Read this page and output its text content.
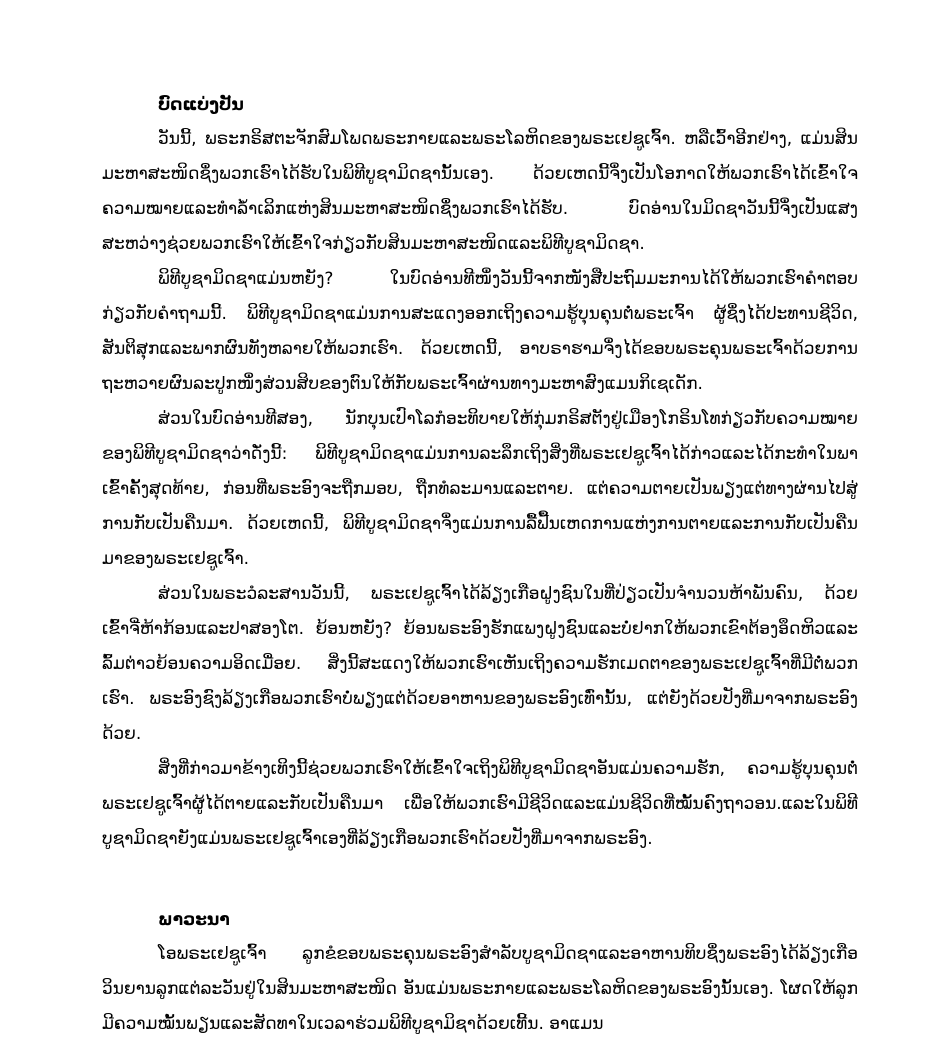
ບົດແບ່ງປັນ

ວັນນີ້, ພຣະກຣິສຕະຈັກສົມໂພດພຣະກາຍແລະພຣະໂລຫິດຂອງພຣະເຢຊູເຈົ້າ. ຫລືເວົ້າອີກຢ່າງ, ແມ່ນສິນມະຫາສະໜິດຊຶ່ງພວກເຮົາໄດ້ຮັບໃນພິທີບູຊາມິດຊານັ້ນເອງ. ດ້ວຍເຫດນີ້ຈຶ່ງເປັນໂອກາດໃຫ້ພວກເຮົາໄດ້ເຂົ້າໃຈຄວາມໝາຍແລະທຳລ້ຳເລິກແຫ່ງສິນມະຫາສະໜິດຊຶ່ງພວກເຮົາໄດ້ຮັບ. ບົດອ່ານໃນມິດຊາວັນນີ້ຈຶ່ງເປັນແສງສະຫວ່າງຊ່ວຍພວກເຮົາໃຫ້ເຂົ້າໃຈກ່ຽວກັບສິນມະຫາສະໜິດແລະພິທີບູຊາມິດຊາ.

ພິທີບູຊາມິດຊາແມ່ນຫຍັງ? ໃນບົດອ່ານທີໜຶ່ງວັນນີ້ຈາກໜັງສືປະຖົມມະການໄດ້ໃຫ້ພວກເຮົາຄຳຕອບກ່ຽວກັບຄຳຖາມນີ້. ພິທີບູຊາມິດຊາແມ່ນການສະແດງອອກເຖິງຄວາມຮູ້ບຸນຄຸນຕໍ່ພຣະເຈົ້າ ຜູ້ຊຶ່ງໄດ້ປະທານຊີວິດ, ສັນຕິສຸກແລະພາກຜົນທັງຫລາຍໃຫ້ພວກເຮົາ. ດ້ວຍເຫດນີ້, ອາບຣາຮາມຈຶ່ງໄດ້ຂອບພຣະຄຸນພຣະເຈົ້າດ້ວຍການຖະຫວາຍຜົນລະປູກໜຶ່ງສ່ວນສິບຂອງຕົນໃຫ້ກັບພຣະເຈົ້າຜ່ານທາງມະຫາສົງແມນກິເຊເດັກ.

ສ່ວນໃນບົດອ່ານທີສອງ, ນັກບຸນເປົາໂລກໍອະທິບາຍໃຫ້ກຸ່ມກຣິສຕັງຢູ່ເມືອງໂກຣິນໂທກ່ຽວກັບຄວາມໝາຍຂອງພິທີບູຊາມິດຊາວ່າດັ່ງນີ້: ພິທີບູຊາມິດຊາແມ່ນການລະລຶກເຖິງສິ່ງທີ່ພຣະເຢຊູເຈົ້າໄດ້ກ່າວແລະໄດ້ກະທຳໃນພາເຂົ້າຄັ້ງສຸດທ້າຍ, ກ່ອນທີ່ພຣະອົງຈະຖືກມອບ, ຖືກທໍລະມານແລະຕາຍ. ແຕ່ຄວາມຕາຍເປັນພຽງແຕ່ທາງຜ່ານໄປສູ່ການກັບເປັນຄືນມາ. ດ້ວຍເຫດນີ້, ພິທີບູຊາມິດຊາຈຶ່ງແມ່ນການລື້ຟື້ນເຫດການແຫ່ງການຕາຍແລະການກັບເປັນຄືນມາຂອງພຣະເຢຊູເຈົ້າ.

ສ່ວນໃນພຣະວໍລະສານວັນນີ້, ພຣະເຢຊູເຈົ້າໄດ້ລ້ຽງເກືອຝູງຊົນໃນທີ່ປ່ຽວເປັນຈຳນວນຫ້າພັນຄົນ, ດ້ວຍເຂົ້າຈີ່ຫ້າກ້ອນແລະປາສອງໂຕ. ຍ້ອນຫຍັງ? ຍ້ອນພຣະອົງຮັກແພງຝູງຊົນແລະບໍ່ຢາກໃຫ້ພວກເຂົາຕ້ອງອຶດຫິວແລະລົ້ມຕ່າວຍ້ອນຄວາມອິດເມື່ອຍ. ສິ່ງນີ້ສະແດງໃຫ້ພວກເຮົາເຫັນເຖິງຄວາມຮັກເມດຕາຂອງພຣະເຢຊູເຈົ້າທີ່ມີຕໍ່ພວກເຮົາ. ພຣະອົງຊົງລ້ຽງເກືອພວກເຮົາບໍ່ພຽງແຕ່ດ້ວຍອາຫານຂອງພຣະອົງເທົ່ານັ້ນ, ແຕ່ຍັງດ້ວຍປັງທີ່ມາຈາກພຣະອົງດ້ວຍ.

ສິ່ງທີ່ກ່າວມາຂ້າງເທິງນີ້ຊ່ວຍພວກເຮົາໃຫ້ເຂົ້າໃຈເຖິງພິທີບູຊາມິດຊາອັນແມ່ນຄວາມຮັກ, ຄວາມຮູ້ບຸນຄຸນຕໍ່ພຣະເຢຊູເຈົ້າຜູ້ໄດ້ຕາຍແລະກັບເປັນຄືນມາ ເພື່ອໃຫ້ພວກເຮົາມີຊີວິດແລະແມ່ນຊີວິດທີ່ໝັ້ນຄົງຖາວອນ.ແລະໃນພິທີບູຊາມິດຊາຍັງແມ່ນພຣະເຢຊູເຈົ້າເອງທີ່ລ້ຽງເກືອພວກເຮົາດ້ວຍປັງທີ່ມາຈາກພຣະອົງ.

ພາວະນາ

ໂອພຣະເຢຊູເຈົ້າ ລູກຂໍຂອບພຣະຄຸນພຣະອົງສຳລັບບູຊາມິດຊາແລະອາຫານທິບຊຶ່ງພຣະອົງໄດ້ລ້ຽງເກືອວິນຍານລູກແຕ່ລະວັນຢູ່ໃນສິນມະຫາສະໜິດ ອັນແມ່ນພຣະກາຍແລະພຣະໂລຫິດຂອງພຣະອົງນັ້ນເອງ. ໂຜດໃຫ້ລູກມີຄວາມໝັ້ນພຽນແລະສັດທາໃນເວລາຮ່ວມພິທີບູຊາມິຊາດ້ວຍເທີ້ນ. ອາແມນ
